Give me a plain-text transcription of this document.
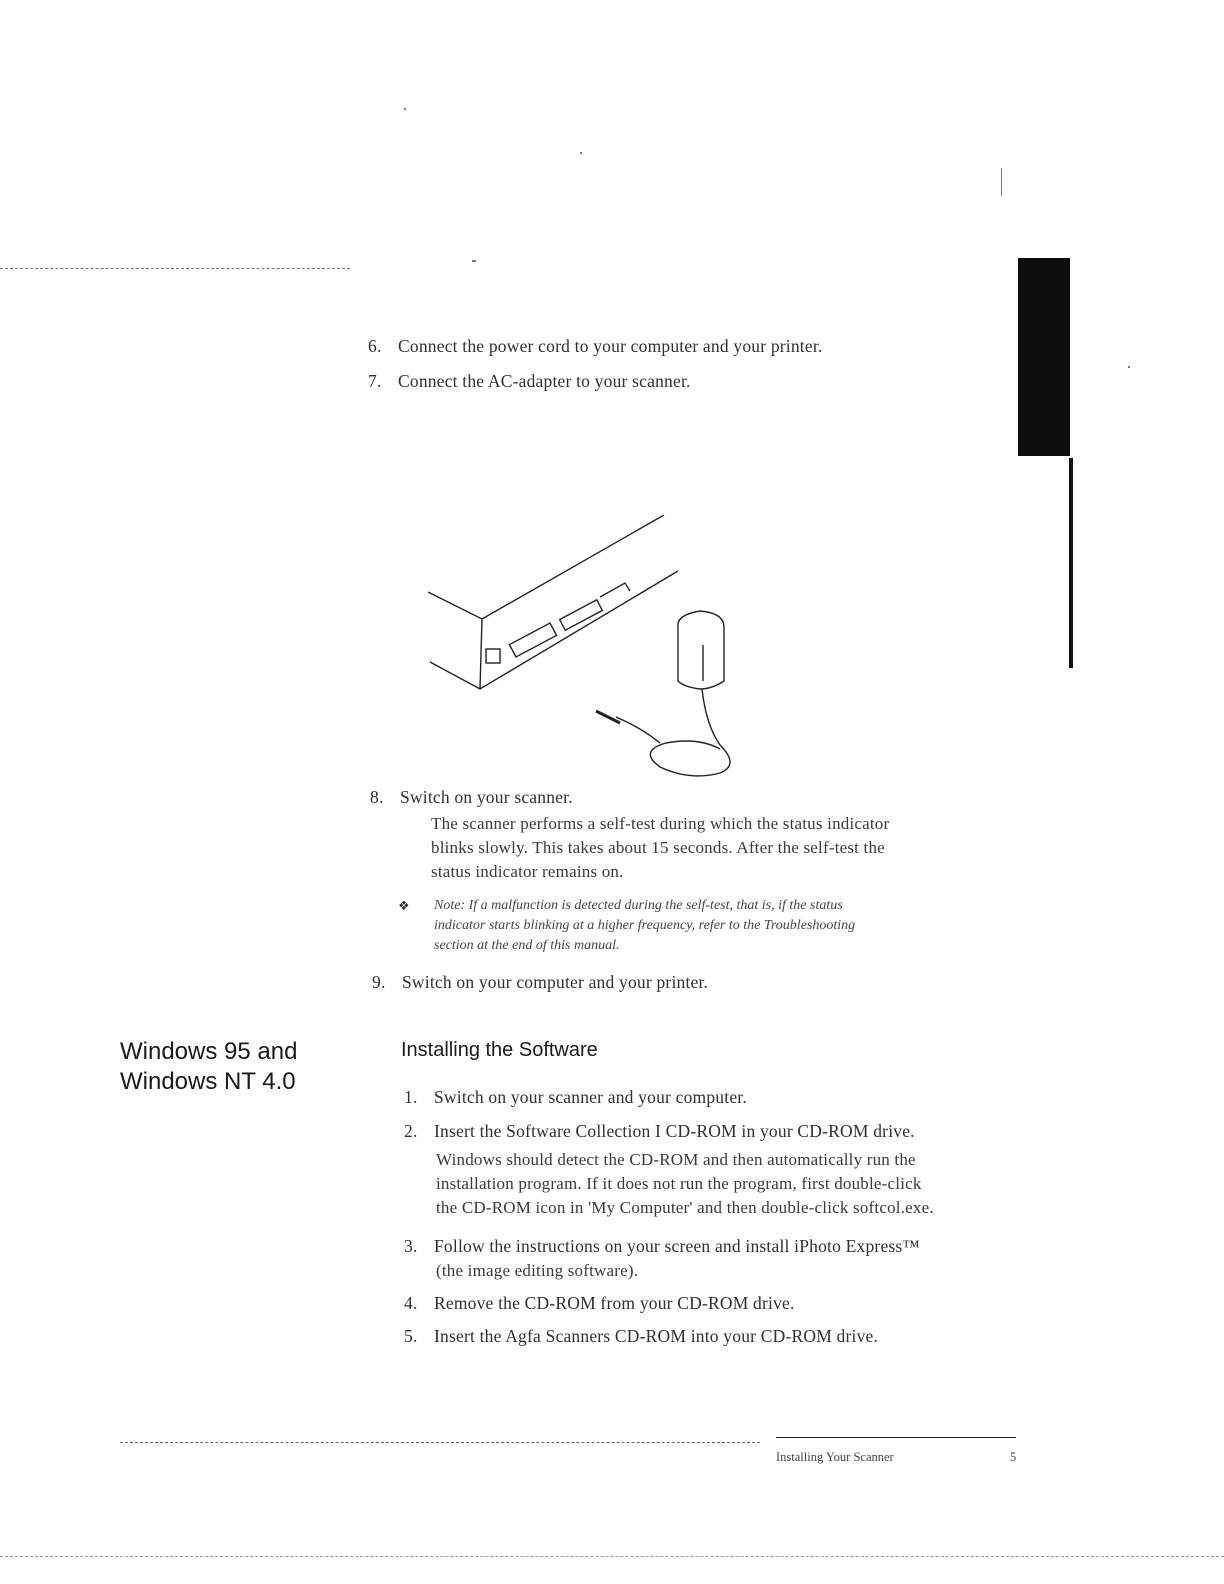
6. Connect the power cord to your computer and your printer.
7. Connect the AC-adapter to your scanner.
8. Switch on your scanner.
The scanner performs a self-test during which the status indicator
blinks slowly. This takes about 15 seconds. After the self-test the
status indicator remains on.
❖ Note: If a malfunction is detected during the self-test, that is, if the status
indicator starts blinking at a higher frequency, refer to the Troubleshooting
section at the end of this manual.
9. Switch on your computer and your printer.
Windows 95 and
Windows NT 4.0
Installing the Software
1. Switch on your scanner and your computer.
2. Insert the Software Collection I CD-ROM in your CD-ROM drive.
Windows should detect the CD-ROM and then automatically run the
installation program. If it does not run the program, first double-click
the CD-ROM icon in 'My Computer' and then double-click softcol.exe.
3. Follow the instructions on your screen and install iPhoto Express™
(the image editing software).
4. Remove the CD-ROM from your CD-ROM drive.
5. Insert the Agfa Scanners CD-ROM into your CD-ROM drive.
Installing Your Scanner	5
